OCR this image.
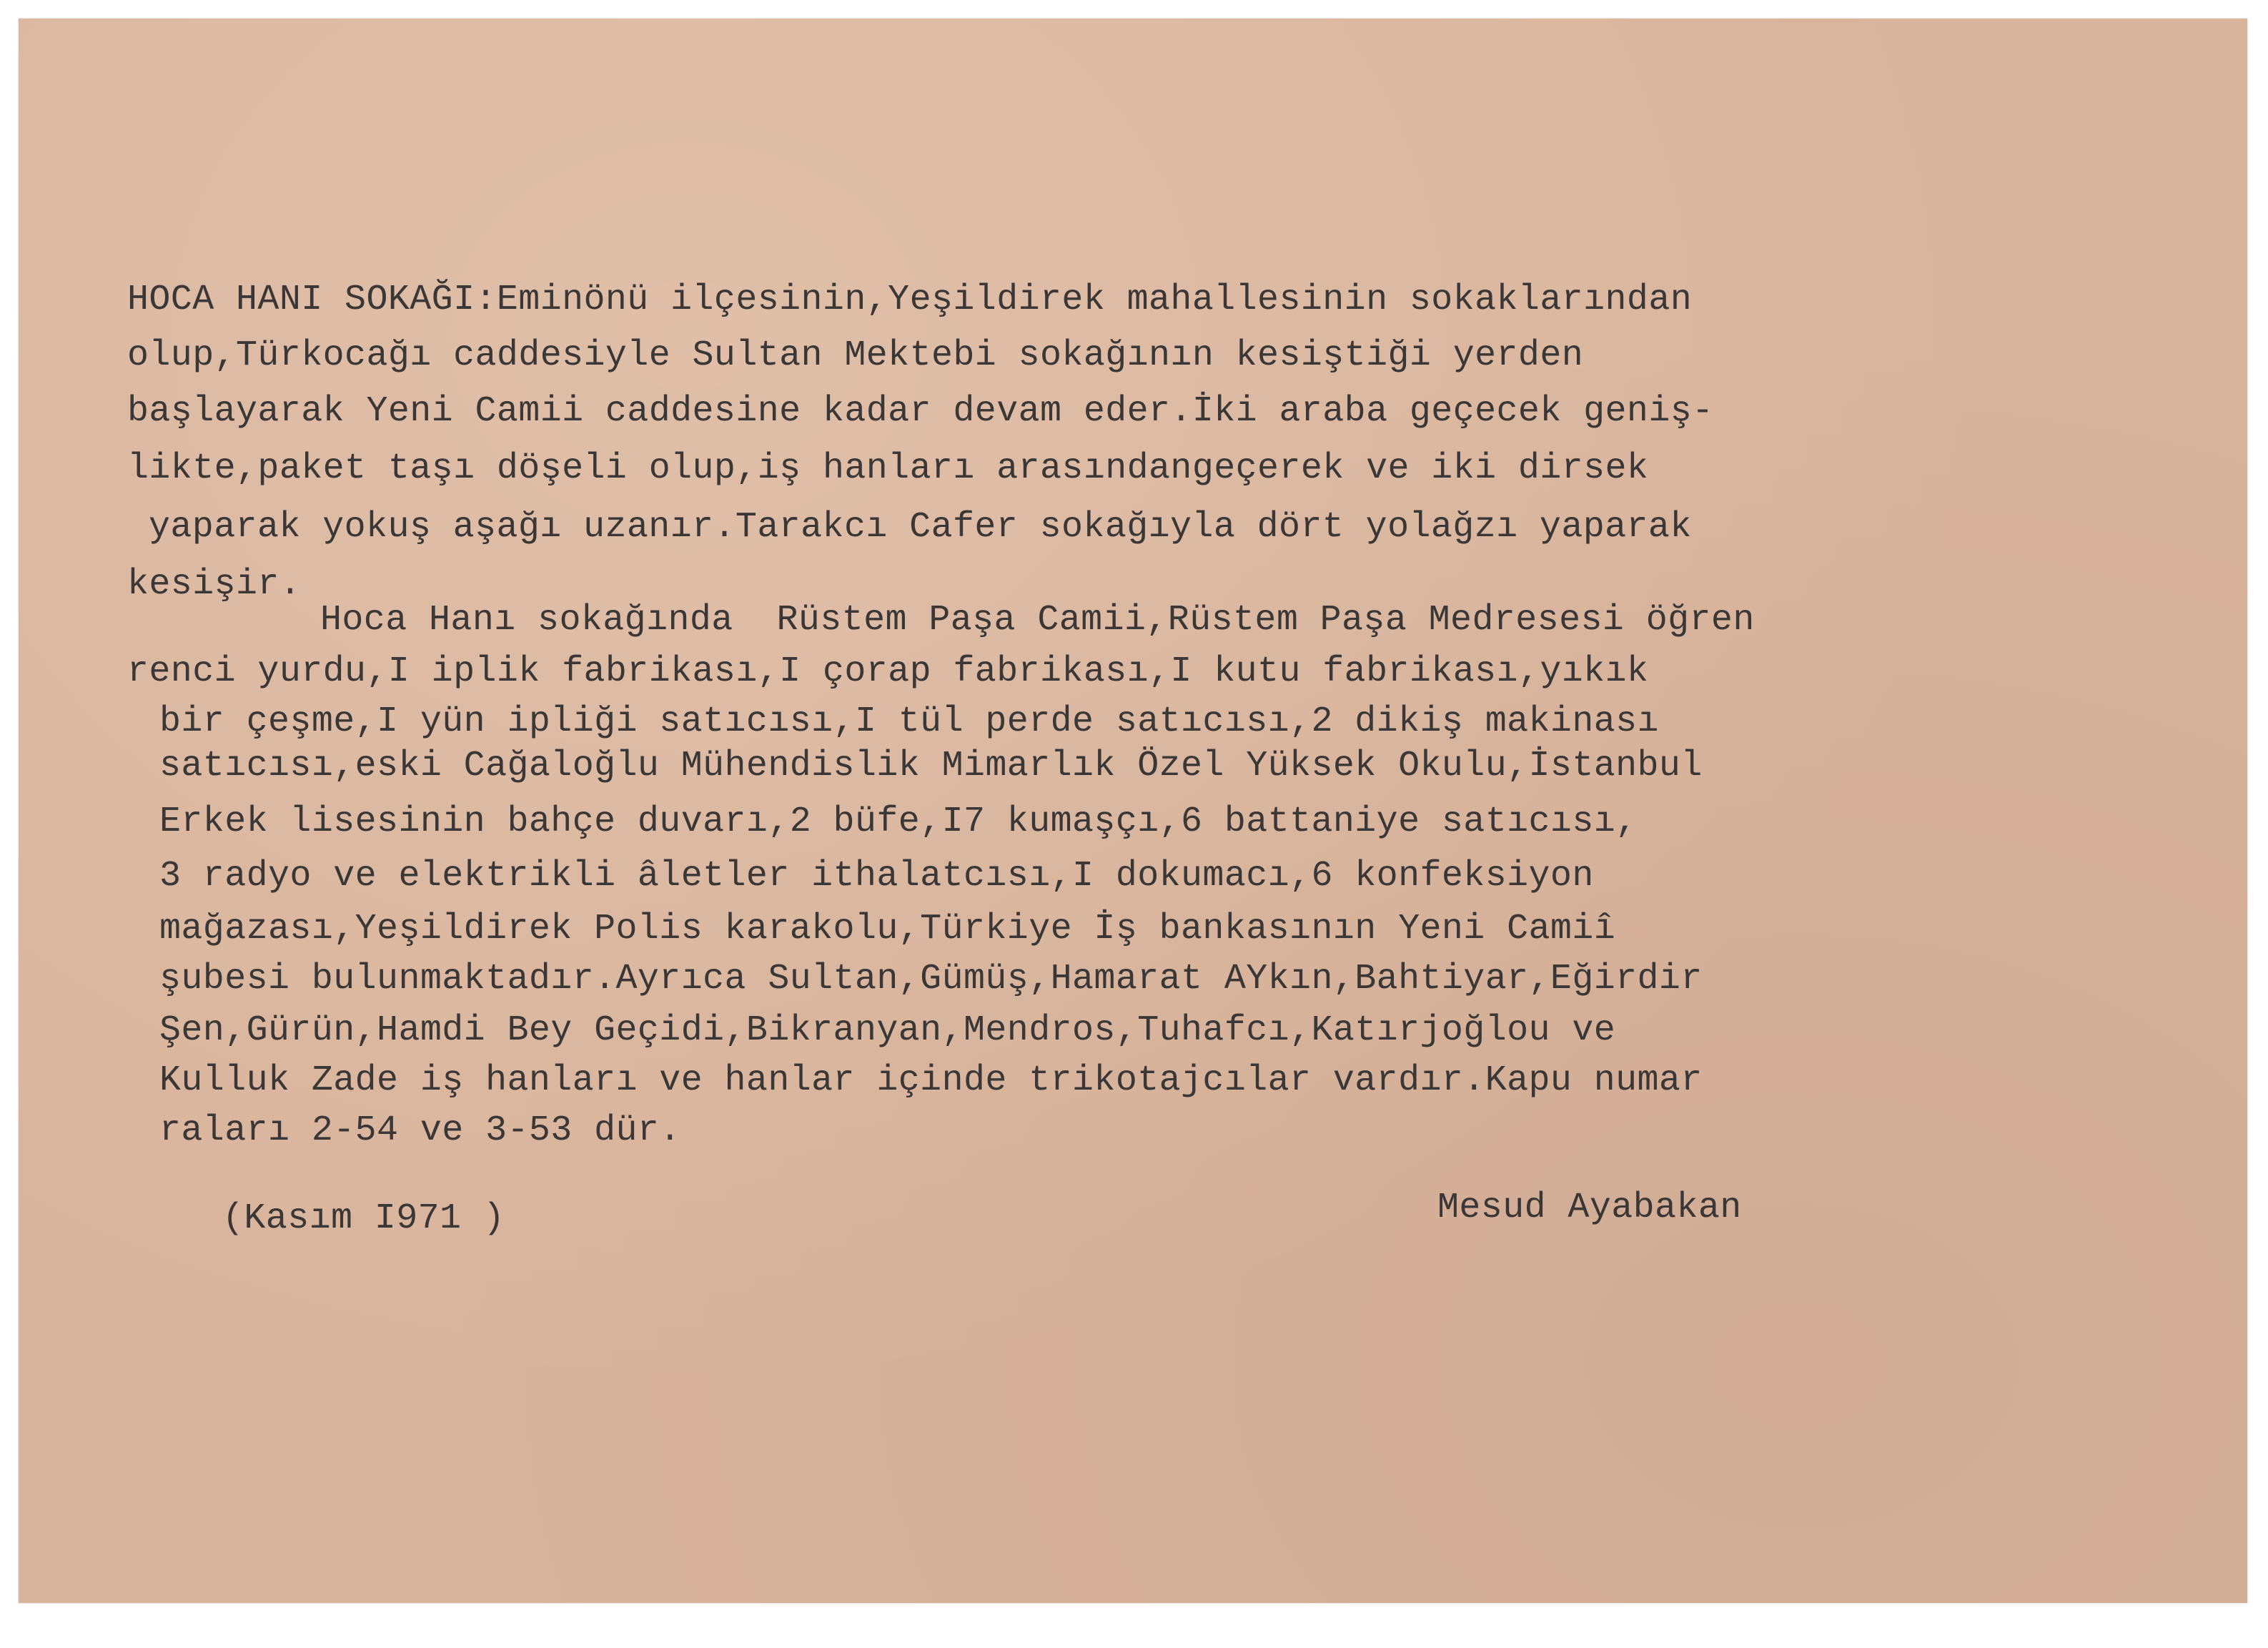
HOCA HANI SOKAĞI:Eminönü ilçesinin,Yeşildirek mahallesinin sokaklarından

olup,Türkocağı caddesiyle Sultan Mektebi sokağının kesiştiği yerden

başlayarak Yeni Camii caddesine kadar devam eder.İki araba geçecek geniş-

likte,paket taşı döşeli olup,iş hanları arasındangeçerek ve iki dirsek

yaparak yokuş aşağı uzanır.Tarakcı Cafer sokağıyla dört yolağzı yaparak

kesişir.

Hoca Hanı sokağında  Rüstem Paşa Camii,Rüstem Paşa Medresesi öğren

renci yurdu,I iplik fabrikası,I çorap fabrikası,I kutu fabrikası,yıkık

bir çeşme,I yün ipliği satıcısı,I tül perde satıcısı,2 dikiş makinası

satıcısı,eski Cağaloğlu Mühendislik Mimarlık Özel Yüksek Okulu,İstanbul

Erkek lisesinin bahçe duvarı,2 büfe,I7 kumaşçı,6 battaniye satıcısı,

3 radyo ve elektrikli âletler ithalatcısı,I dokumacı,6 konfeksiyon

mağazası,Yeşildirek Polis karakolu,Türkiye İş bankasının Yeni Camiî

şubesi bulunmaktadır.Ayrıca Sultan,Gümüş,Hamarat AYkın,Bahtiyar,Eğirdir

Şen,Gürün,Hamdi Bey Geçidi,Bikranyan,Mendros,Tuhafcı,Katırjoğlou ve

Kulluk Zade iş hanları ve hanlar içinde trikotajcılar vardır.Kapu numar

raları 2-54 ve 3-53 dür.

(Kasım I971 )	Mesud Ayabakan
